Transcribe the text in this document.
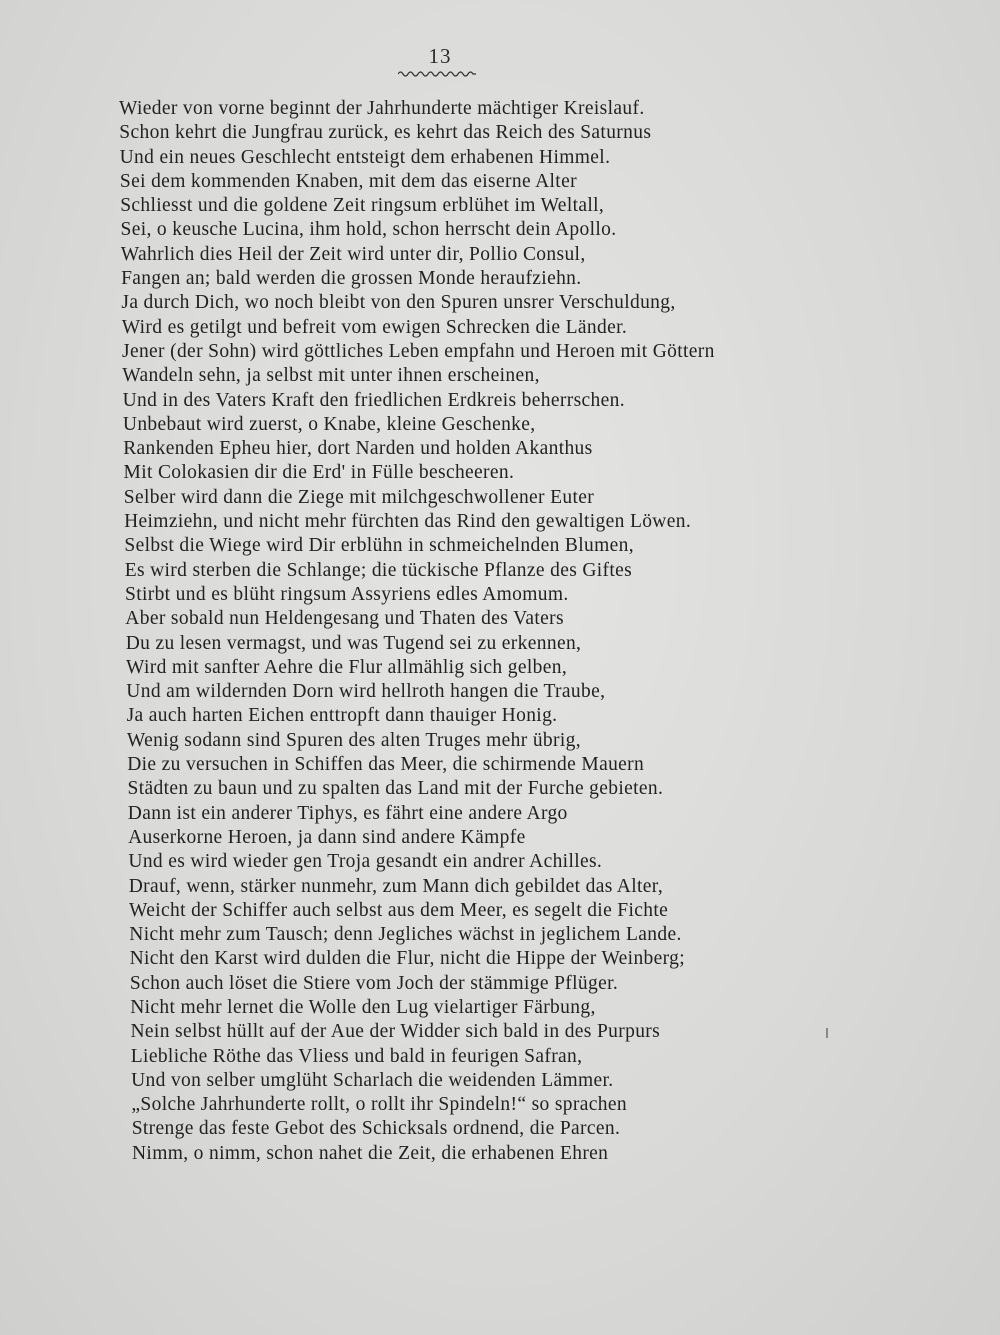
13
Wieder von vorne beginnt der Jahrhunderte mächtiger Kreislauf.
Schon kehrt die Jungfrau zurück, es kehrt das Reich des Saturnus
Und ein neues Geschlecht entsteigt dem erhabenen Himmel.
Sei dem kommenden Knaben, mit dem das eiserne Alter
Schliesst und die goldene Zeit ringsum erblühet im Weltall,
Sei, o keusche Lucina, ihm hold, schon herrscht dein Apollo.
Wahrlich dies Heil der Zeit wird unter dir, Pollio Consul,
Fangen an; bald werden die grossen Monde heraufziehn.
Ja durch Dich, wo noch bleibt von den Spuren unsrer Verschuldung,
Wird es getilgt und befreit vom ewigen Schrecken die Länder.
Jener (der Sohn) wird göttliches Leben empfahn und Heroen mit Göttern
Wandeln sehn, ja selbst mit unter ihnen erscheinen,
Und in des Vaters Kraft den friedlichen Erdkreis beherrschen.
Unbebaut wird zuerst, o Knabe, kleine Geschenke,
Rankenden Epheu hier, dort Narden und holden Akanthus
Mit Colokasien dir die Erd' in Fülle bescheeren.
Selber wird dann die Ziege mit milchgeschwollener Euter
Heimziehn, und nicht mehr fürchten das Rind den gewaltigen Löwen.
Selbst die Wiege wird Dir erblühn in schmeichelnden Blumen,
Es wird sterben die Schlange; die tückische Pflanze des Giftes
Stirbt und es blüht ringsum Assyriens edles Amomum.
Aber sobald nun Heldengesang und Thaten des Vaters
Du zu lesen vermagst, und was Tugend sei zu erkennen,
Wird mit sanfter Aehre die Flur allmählig sich gelben,
Und am wildernden Dorn wird hellroth hangen die Traube,
Ja auch harten Eichen enttropft dann thauiger Honig.
Wenig sodann sind Spuren des alten Truges mehr übrig,
Die zu versuchen in Schiffen das Meer, die schirmende Mauern
Städten zu baun und zu spalten das Land mit der Furche gebieten.
Dann ist ein anderer Tiphys, es fährt eine andere Argo
Auserkorne Heroen, ja dann sind andere Kämpfe
Und es wird wieder gen Troja gesandt ein andrer Achilles.
Drauf, wenn, stärker nunmehr, zum Mann dich gebildet das Alter,
Weicht der Schiffer auch selbst aus dem Meer, es segelt die Fichte
Nicht mehr zum Tausch; denn Jegliches wächst in jeglichem Lande.
Nicht den Karst wird dulden die Flur, nicht die Hippe der Weinberg;
Schon auch löset die Stiere vom Joch der stämmige Pflüger.
Nicht mehr lernet die Wolle den Lug vielartiger Färbung,
Nein selbst hüllt auf der Aue der Widder sich bald in des Purpurs
Liebliche Röthe das Vliess und bald in feurigen Safran,
Und von selber umglüht Scharlach die weidenden Lämmer.
„Solche Jahrhunderte rollt, o rollt ihr Spindeln!“ so sprachen
Strenge das feste Gebot des Schicksals ordnend, die Parcen.
Nimm, o nimm, schon nahet die Zeit, die erhabenen Ehren
